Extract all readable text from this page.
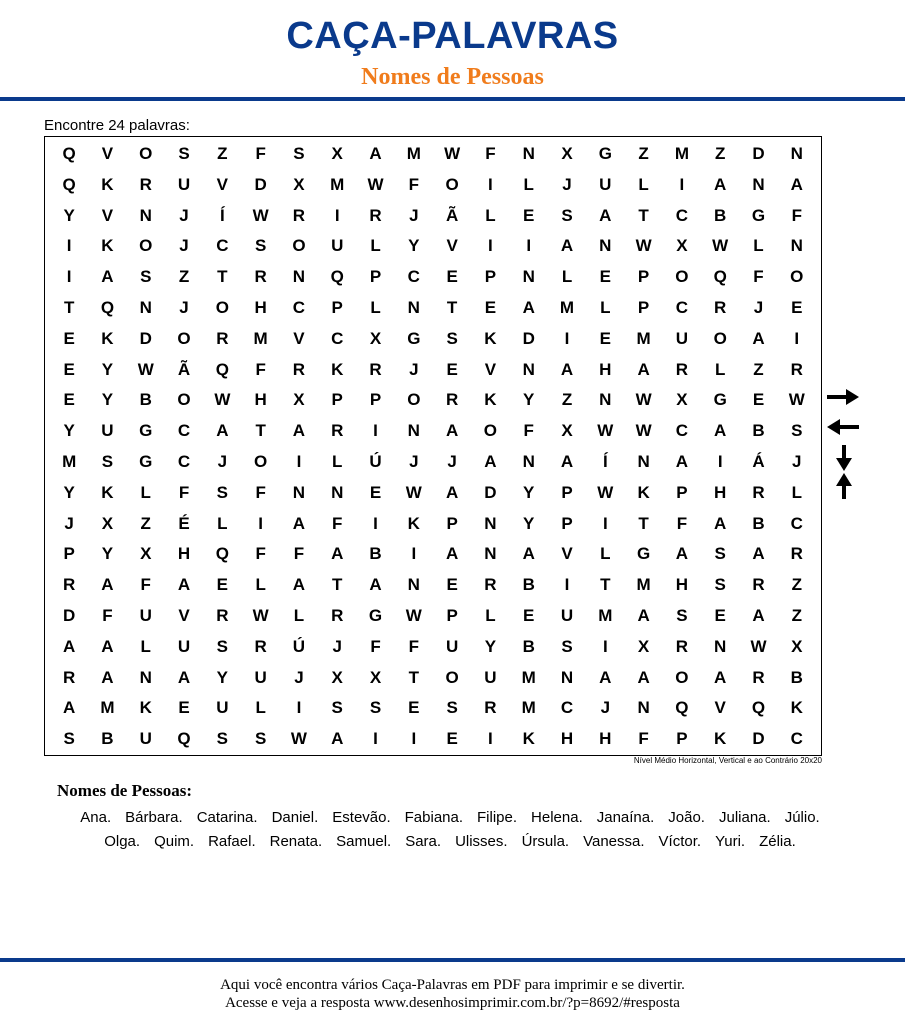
CAÇA-PALAVRAS
Nomes de Pessoas
Encontre 24 palavras:
Q	V	O	S	Z	F	S	X	A	M	W	F	N	X	G	Z	M	Z	D	N
Q	K	R	U	V	D	X	M	W	F	O	I	L	J	U	L	I	A	N	A
Y	V	N	J	Í	W	R	I	R	J	Ã	L	E	S	A	T	C	B	G	F
I	K	O	J	C	S	O	U	L	Y	V	I	I	A	N	W	X	W	L	N
I	A	S	Z	T	R	N	Q	P	C	E	P	N	L	E	P	O	Q	F	O
T	Q	N	J	O	H	C	P	L	N	T	E	A	M	L	P	C	R	J	E
E	K	D	O	R	M	V	C	X	G	S	K	D	I	E	M	U	O	A	I
E	Y	W	Ã	Q	F	R	K	R	J	E	V	N	A	H	A	R	L	Z	R
E	Y	B	O	W	H	X	P	P	O	R	K	Y	Z	N	W	X	G	E	W
Y	U	G	C	A	T	A	R	I	N	A	O	F	X	W	W	C	A	B	S
M	S	G	C	J	O	I	L	Ú	J	J	A	N	A	Í	N	A	I	Á	J
Y	K	L	F	S	F	N	N	E	W	A	D	Y	P	W	K	P	H	R	L
J	X	Z	É	L	I	A	F	I	K	P	N	Y	P	I	T	F	A	B	C
P	Y	X	H	Q	F	F	A	B	I	A	N	A	V	L	G	A	S	A	R
R	A	F	A	E	L	A	T	A	N	E	R	B	I	T	M	H	S	R	Z
D	F	U	V	R	W	L	R	G	W	P	L	E	U	M	A	S	E	A	Z
A	A	L	U	S	R	Ú	J	F	F	U	Y	B	S	I	X	R	N	W	X
R	A	N	A	Y	U	J	X	X	T	O	U	M	N	A	A	O	A	R	B
A	M	K	E	U	L	I	S	S	E	S	R	M	C	J	N	Q	V	Q	K
S	B	U	Q	S	S	W	A	I	I	E	I	K	H	H	F	P	K	D	C
Nível Médio Horizontal, Vertical e ao Contrário 20x20
Nomes de Pessoas:
Ana. Bárbara. Catarina. Daniel. Estevão. Fabiana. Filipe. Helena. Janaína. João. Juliana. Júlio.Olga. Quim. Rafael. Renata. Samuel. Sara. Ulisses. Úrsula. Vanessa. Víctor. Yuri. Zélia.
Aqui você encontra vários Caça-Palavras em PDF para imprimir e se divertir.
Acesse e veja a resposta www.desenhosimprimir.com.br/?p=8692/#resposta
